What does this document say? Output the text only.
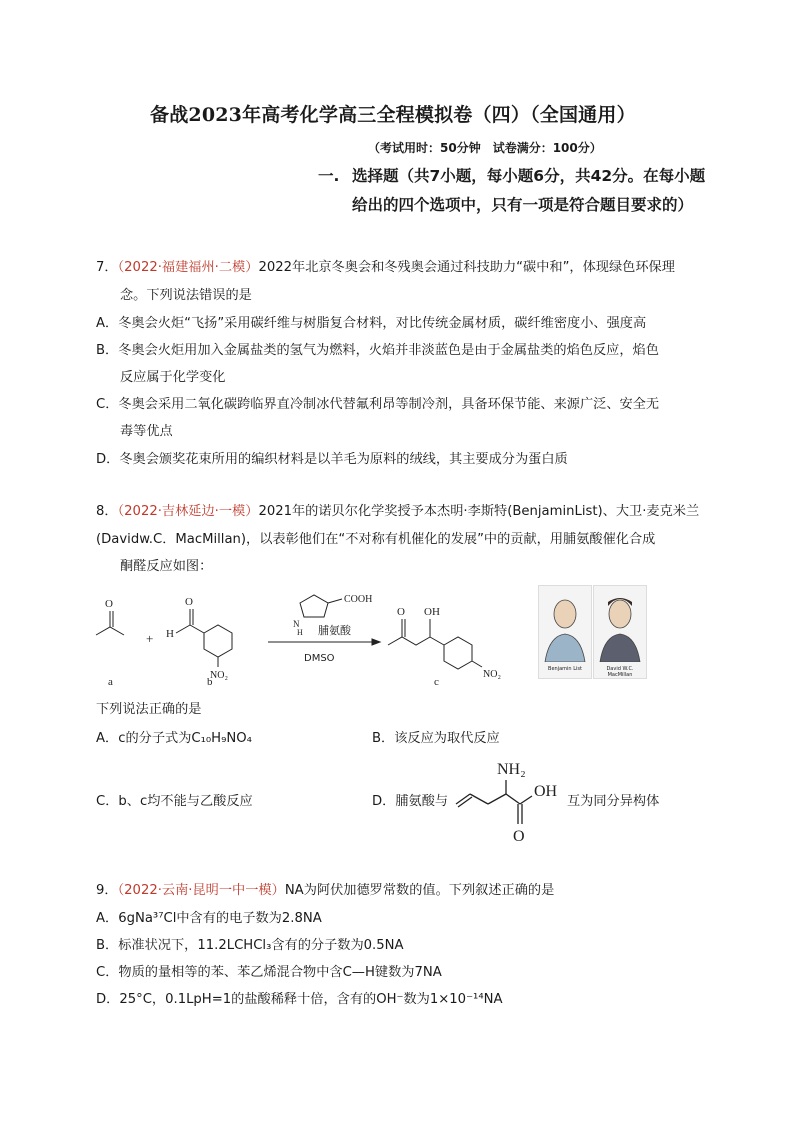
备战2023年高考化学高三全程模拟卷（四）（全国通用）
（考试用时：50分钟　试卷满分：100分）
一. 选择题（共7小题，每小题6分，共42分。在每小题给出的四个选项中，只有一项是符合题目要求的）
7．（2022·福建福州·二模）2022年北京冬奥会和冬残奥会通过科技助力“碳中和”，体现绿色环保理
念。下列说法错误的是
A．冬奥会火炬“飞扬”采用碳纤维与树脂复合材料，对比传统金属材质，碳纤维密度小、强度高
B．冬奥会火炬用加入金属盐类的氢气为燃料，火焰并非淡蓝色是由于金属盐类的焰色反应，焰色
反应属于化学变化
C．冬奥会采用二氧化碳跨临界直冷制冰代替氟利昂等制冷剂，具备环保节能、来源广泛、安全无
毒等优点
D．冬奥会颁奖花束所用的编织材料是以羊毛为原料的绒线，其主要成分为蛋白质
8．（2022·吉林延边·一模）2021年的诺贝尔化学奖授予本杰明·李斯特(BenjaminList)、大卫·麦克米兰
(Davidw.C．MacMillan)，以表彰他们在“不对称有机催化的发展”中的贡献，用脯氨酸催化合成
酮醛反应如图：
O
a
+ H
O
NO₂
b
COOH
N
H 脯氨酸
DMSO
O OH
NO₂
c
Benjamin List	David W.C. MacMillan
下列说法正确的是
A．c的分子式为C₁₀H₉NO₄	B．该反应为取代反应
C．b、c均不能与乙酸反应	D．脯氨酸与
NH₂
OH
O
互为同分异构体
9．（2022·云南·昆明一中一模）NA为阿伏加德罗常数的值。下列叙述正确的是
A．6gNa³⁷Cl中含有的电子数为2.8NA
B．标准状况下，11.2LCHCl₃含有的分子数为0.5NA
C．物质的量相等的苯、苯乙烯混合物中含C—H键数为7NA
D．25°C，0.1LpH=1的盐酸稀释十倍，含有的OH⁻数为1×10⁻¹⁴NA
